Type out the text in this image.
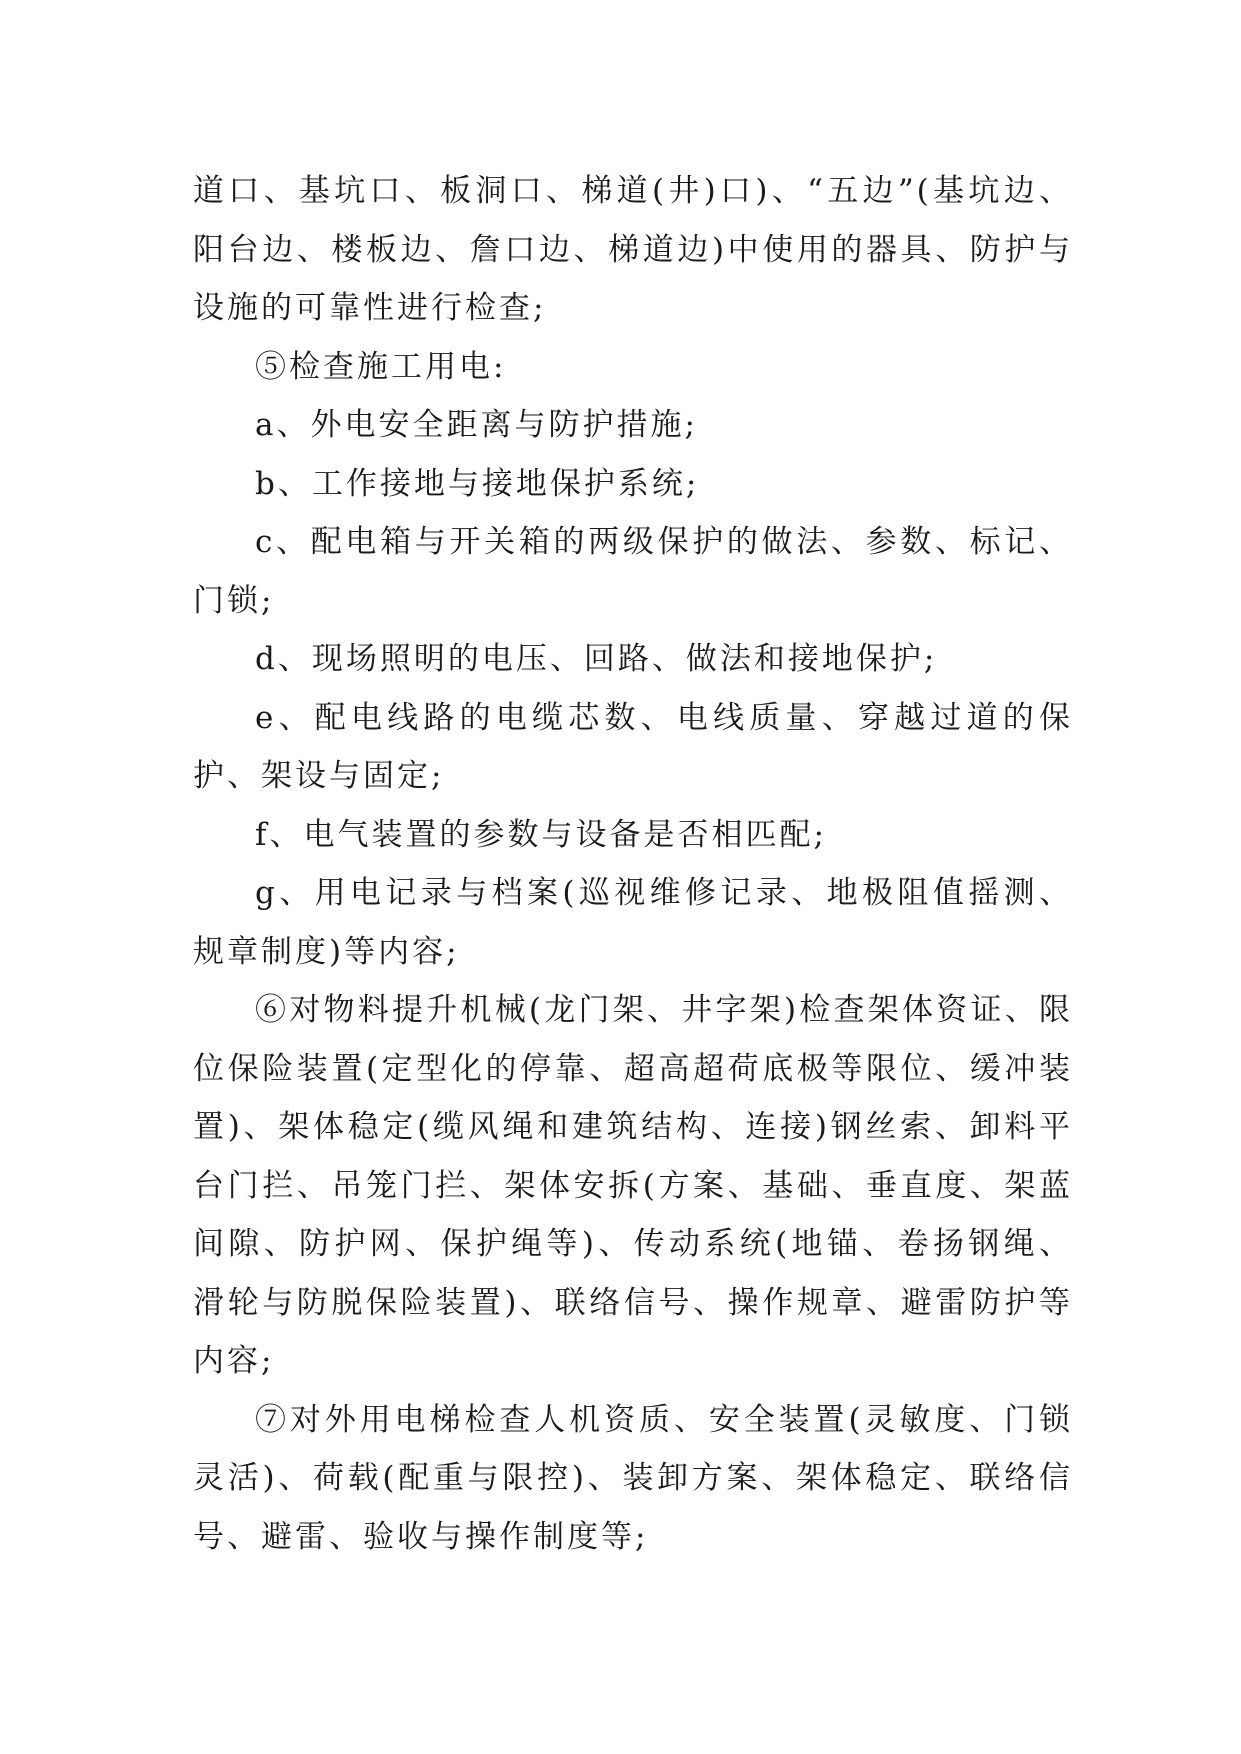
道口、基坑口、板洞口、梯道(井)口)、“五边”(基坑边、阳台边、楼板边、詹口边、梯道边)中使用的器具、防护与设施的可靠性进行检查;

⑤检查施工用电:

a、外电安全距离与防护措施;

b、工作接地与接地保护系统;

c、配电箱与开关箱的两级保护的做法、参数、标记、门锁;

d、现场照明的电压、回路、做法和接地保护;

e、配电线路的电缆芯数、电线质量、穿越过道的保护、架设与固定;

f、电气装置的参数与设备是否相匹配;

g、用电记录与档案(巡视维修记录、地极阻值摇测、规章制度)等内容;

⑥对物料提升机械(龙门架、井字架)检查架体资证、限位保险装置(定型化的停靠、超高超荷底极等限位、缓冲装置)、架体稳定(缆风绳和建筑结构、连接)钢丝索、卸料平台门拦、吊笼门拦、架体安拆(方案、基础、垂直度、架蓝间隙、防护网、保护绳等)、传动系统(地锚、卷扬钢绳、滑轮与防脱保险装置)、联络信号、操作规章、避雷防护等内容;

⑦对外用电梯检查人机资质、安全装置(灵敏度、门锁灵活)、荷载(配重与限控)、装卸方案、架体稳定、联络信号、避雷、验收与操作制度等;
